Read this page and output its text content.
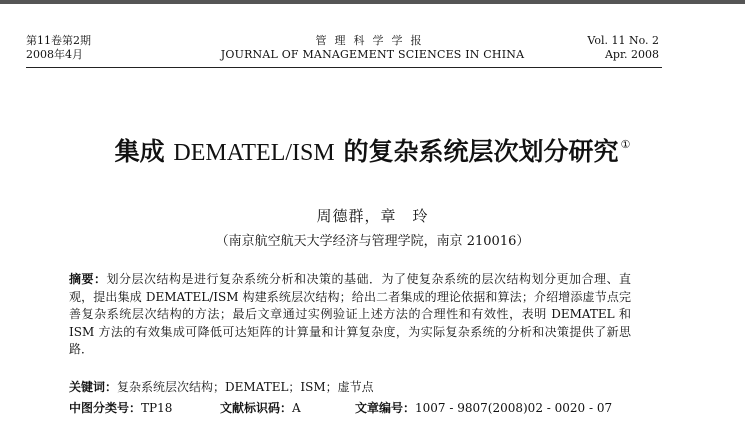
第11卷第2期
2008年4月
管理科学学报
JOURNAL OF MANAGEMENT SCIENCES IN CHINA
Vol. 11 No. 2
Apr. 2008
集成 DEMATEL/ISM 的复杂系统层次划分研究 ①
周德群，章　玲
（南京航空航天大学经济与管理学院，南京 210016）
摘要：划分层次结构是进行复杂系统分析和决策的基础．为了使复杂系统的层次结构划分更加合理、直观，提出集成 DEMATEL/ISM 构建系统层次结构；给出二者集成的理论依据和算法；介绍增添虚节点完善复杂系统层次结构的方法；最后文章通过实例验证上述方法的合理性和有效性，表明 DEMATEL 和 ISM 方法的有效集成可降低可达矩阵的计算量和计算复杂度，为实际复杂系统的分析和决策提供了新思路．
关键词：复杂系统层次结构；DEMATEL；ISM；虚节点
中图分类号：TP18	文献标识码：A	文章编号：1007 - 9807(2008)02 - 0020 - 07
